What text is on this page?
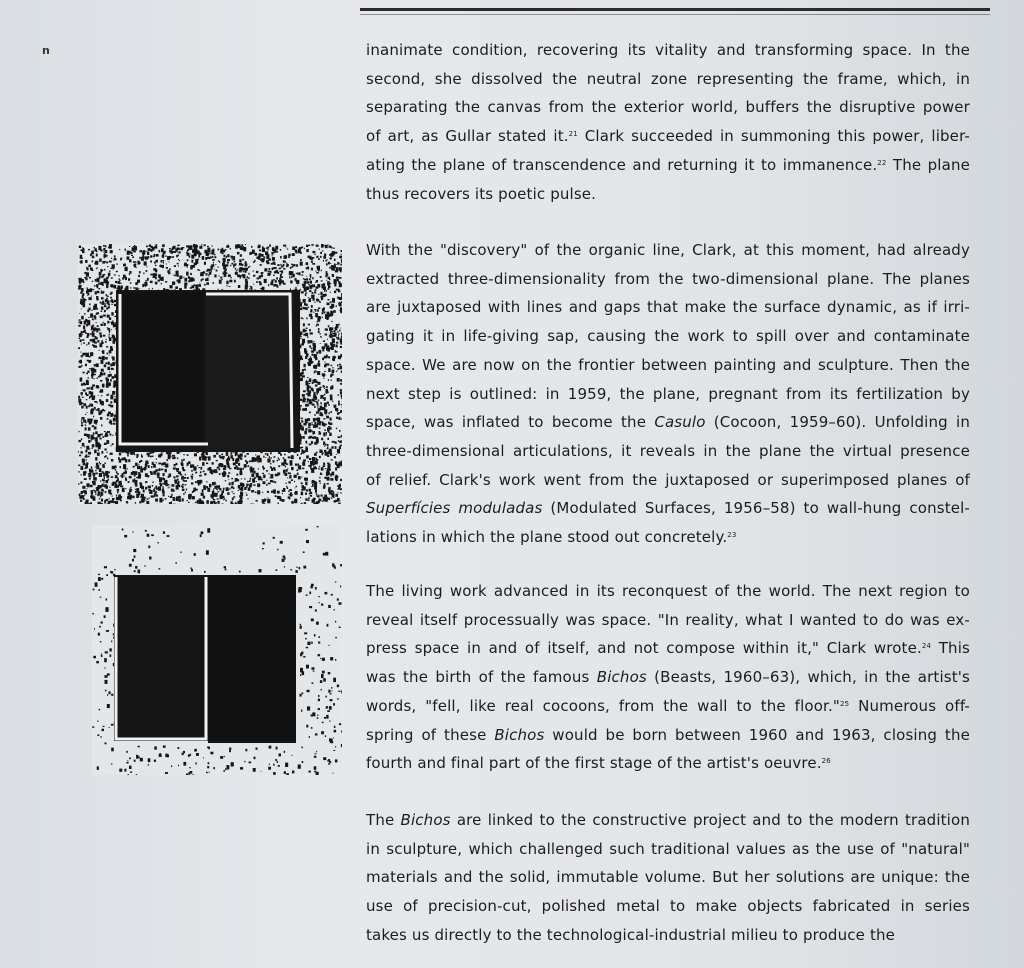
n	inanimate condition, recovering its vitality and transforming space. In the
second, she dissolved the neutral zone representing the frame, which, in
separating the canvas from the exterior world, buffers the disruptive power
of art, as Gullar stated it.$^{21}$ Clark succeeded in summoning this power, liber-
ating the plane of transcendence and returning it to immanence.$^{22}$ The plane
thus recovers its poetic pulse.

With the "discovery" of the organic line, Clark, at this moment, had already
extracted three-dimensionality from the two-dimensional plane. The planes
are juxtaposed with lines and gaps that make the surface dynamic, as if irri-
gating it in life-giving sap, causing the work to spill over and contaminate
space. We are now on the frontier between painting and sculpture. Then the
next step is outlined: in 1959, the plane, pregnant from its fertilization by
space, was inflated to become the Casulo (Cocoon, 1959–60). Unfolding in
three-dimensional articulations, it reveals in the plane the virtual presence
of relief. Clark's work went from the juxtaposed or superimposed planes of
Superfícies moduladas (Modulated Surfaces, 1956–58) to wall-hung constel-
lations in which the plane stood out concretely.$^{23}$

The living work advanced in its reconquest of the world. The next region to
reveal itself processually was space. "In reality, what I wanted to do was ex-
press space in and of itself, and not compose within it," Clark wrote.$^{24}$ This
was the birth of the famous Bichos (Beasts, 1960–63), which, in the artist's
words, "fell, like real cocoons, from the wall to the floor."$^{25}$ Numerous off-
spring of these Bichos would be born between 1960 and 1963, closing the
fourth and final part of the first stage of the artist's oeuvre.$^{26}$

The Bichos are linked to the constructive project and to the modern tradition
in sculpture, which challenged such traditional values as the use of "natural"
materials and the solid, immutable volume. But her solutions are unique: the
use of precision-cut, polished metal to make objects fabricated in series
takes us directly to the technological-industrial milieu to produce the
